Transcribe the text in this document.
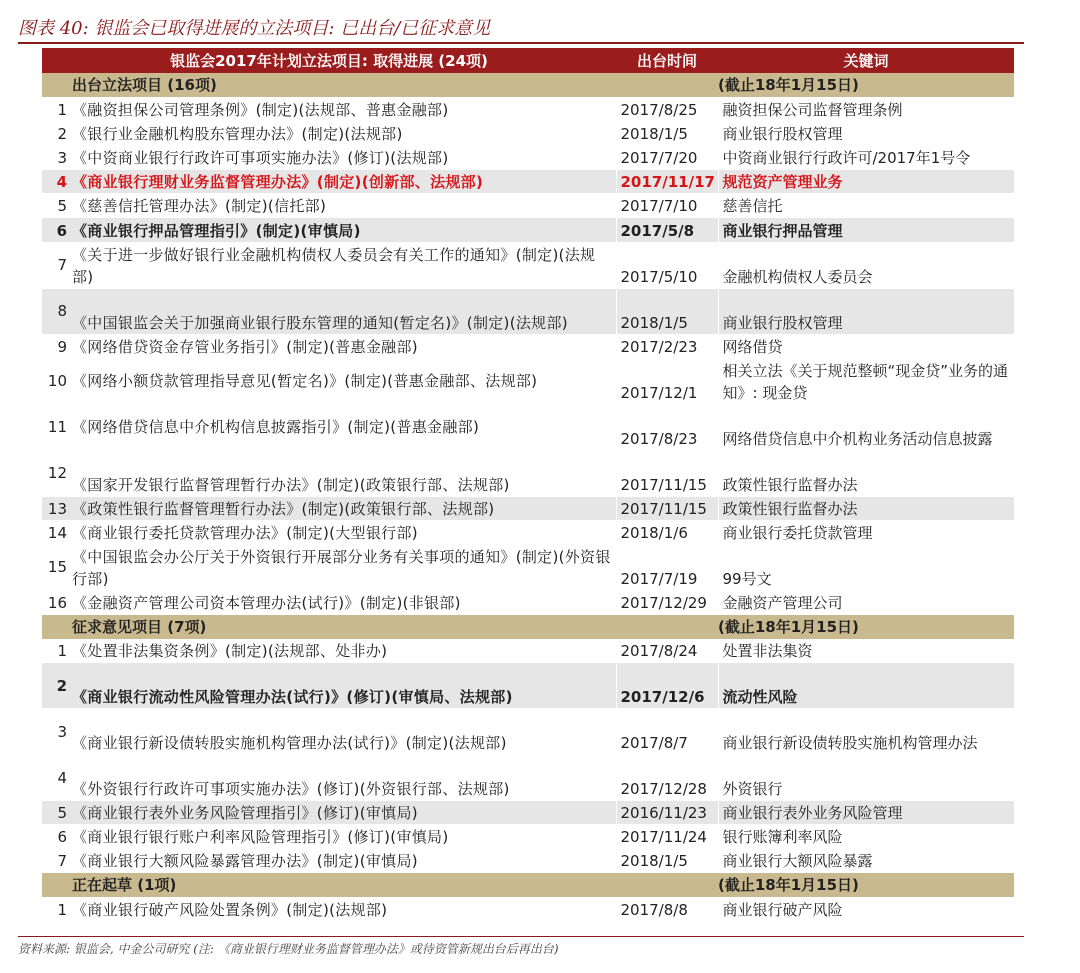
图表 40: 银监会已取得进展的立法项目: 已出台/已征求意见
银监会2017年计划立法项目: 取得进展 (24项)		出台时间	关键词
出台立法项目 (16项)			(截止18年1月15日)
1	《融资担保公司管理条例》(制定)(法规部、普惠金融部)	2017/8/25	融资担保公司监督管理条例
2	《银行业金融机构股东管理办法》(制定)(法规部)	2018/1/5	商业银行股权管理
3	《中资商业银行行政许可事项实施办法》(修订)(法规部)	2017/7/20	中资商业银行行政许可/2017年1号令
4	《商业银行理财业务监督管理办法》(制定)(创新部、法规部)	2017/11/17	规范资产管理业务
5	《慈善信托管理办法》(制定)(信托部)	2017/7/10	慈善信托
6	《商业银行押品管理指引》(制定)(审慎局)	2017/5/8	商业银行押品管理
7	《关于进一步做好银行业金融机构债权人委员会有关工作的通知》(制定)(法规部)	2017/5/10	金融机构债权人委员会
8	《中国银监会关于加强商业银行股东管理的通知(暂定名)》(制定)(法规部)	2018/1/5	商业银行股权管理
9	《网络借贷资金存管业务指引》(制定)(普惠金融部)	2017/2/23	网络借贷
10	《网络小额贷款管理指导意见(暂定名)》(制定)(普惠金融部、法规部)	2017/12/1	相关立法《关于规范整顿“现金贷”业务的通知》: 现金贷
11	《网络借贷信息中介机构信息披露指引》(制定)(普惠金融部)	2017/8/23	网络借贷信息中介机构业务活动信息披露
12	《国家开发银行监督管理暂行办法》(制定)(政策银行部、法规部)	2017/11/15	政策性银行监督办法
13	《政策性银行监督管理暂行办法》(制定)(政策银行部、法规部)	2017/11/15	政策性银行监督办法
14	《商业银行委托贷款管理办法》(制定)(大型银行部)	2018/1/6	商业银行委托贷款管理
15	《中国银监会办公厅关于外资银行开展部分业务有关事项的通知》(制定)(外资银行部)	2017/7/19	99号文
16	《金融资产管理公司资本管理办法(试行)》(制定)(非银部)	2017/12/29	金融资产管理公司
征求意见项目 (7项)			(截止18年1月15日)
1	《处置非法集资条例》(制定)(法规部、处非办)	2017/8/24	处置非法集资
2	《商业银行流动性风险管理办法(试行)》(修订)(审慎局、法规部)	2017/12/6	流动性风险
3	《商业银行新设债转股实施机构管理办法(试行)》(制定)(法规部)	2017/8/7	商业银行新设债转股实施机构管理办法
4	《外资银行行政许可事项实施办法》(修订)(外资银行部、法规部)	2017/12/28	外资银行
5	《商业银行表外业务风险管理指引》(修订)(审慎局)	2016/11/23	商业银行表外业务风险管理
6	《商业银行银行账户利率风险管理指引》(修订)(审慎局)	2017/11/24	银行账簿利率风险
7	《商业银行大额风险暴露管理办法》(制定)(审慎局)	2018/1/5	商业银行大额风险暴露
正在起草 (1项)			(截止18年1月15日)
1	《商业银行破产风险处置条例》(制定)(法规部)	2017/8/8	商业银行破产风险
资料来源: 银监会, 中金公司研究 (注: 《商业银行理财业务监督管理办法》或待资管新规出台后再出台)
